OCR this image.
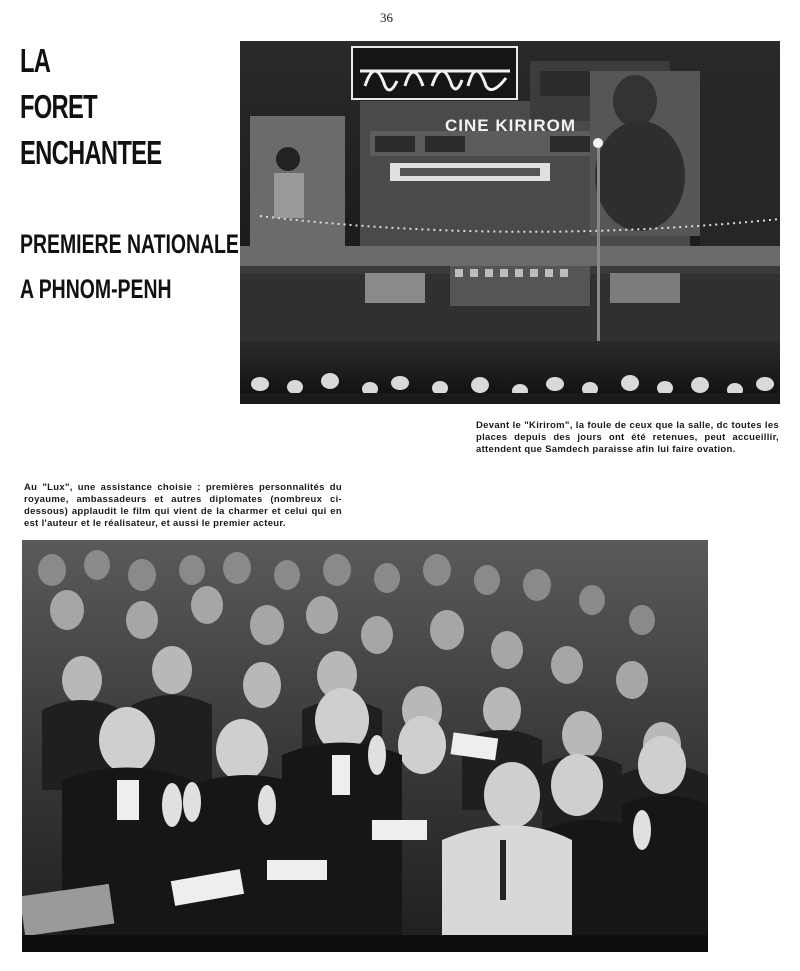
36
LA
FORET
ENCHANTEE
PREMIERE NATIONALE
A PHNOM-PENH
CINE KIRIROM

Devant le "Kirirom", la foule de ceux que la salle, dc toutes les places depuis des jours ont été retenues, peut accueillir, attendent que Samdech paraisse afin lui faire ovation.

Au "Lux", une assistance choisie : premières personnalités du royaume, ambassadeurs et autres diplomates (nombreux ci-dessous) applaudit le film qui vient de la charmer et celui qui en est l'auteur et le réalisateur, et aussi le premier acteur.
